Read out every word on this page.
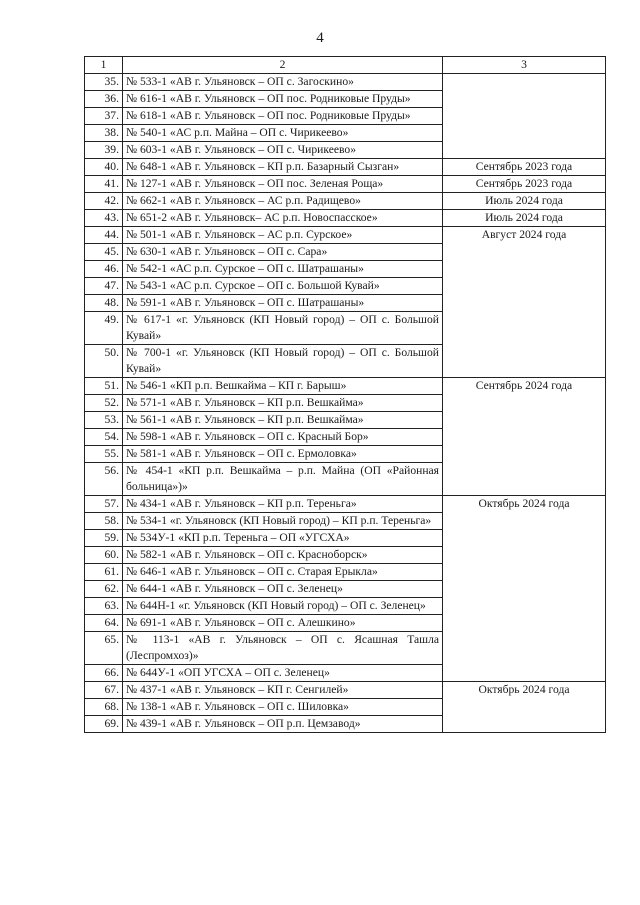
4
1	2	3
35.	№ 533-1 «АВ г. Ульяновск – ОП с. Загоскино»	
36.	№ 616-1 «АВ г. Ульяновск – ОП пос. Родниковые Пруды»	
37.	№ 618-1 «АВ г. Ульяновск – ОП пос. Родниковые Пруды»	
38.	№ 540-1 «АС р.п. Майна – ОП с. Чирикеево»	
39.	№ 603-1 «АВ г. Ульяновск – ОП с. Чирикеево»	
40.	№ 648-1 «АВ г. Ульяновск – КП р.п. Базарный Сызган»	Сентябрь 2023 года
41.	№ 127-1 «АВ г. Ульяновск – ОП пос. Зеленая Роща»	Сентябрь 2023 года
42.	№ 662-1 «АВ г. Ульяновск – АС р.п. Радищево»	Июль 2024 года
43.	№ 651-2 «АВ г. Ульяновск– АС р.п. Новоспасское»	Июль 2024 года
44.	№ 501-1 «АВ г. Ульяновск – АС р.п. Сурское»	Август 2024 года
45.	№ 630-1 «АВ г. Ульяновск – ОП с. Сара»	
46.	№ 542-1 «АС р.п. Сурское – ОП с. Шатрашаны»	
47.	№ 543-1 «АС р.п. Сурское – ОП с. Большой Кувай»	
48.	№ 591-1 «АВ г. Ульяновск – ОП с. Шатрашаны»	
49.	№ 617-1 «г. Ульяновск (КП Новый город) – ОП с. Большой Кувай»	
50.	№ 700-1 «г. Ульяновск (КП Новый город) – ОП с. Большой Кувай»	
51.	№ 546-1 «КП р.п. Вешкайма – КП г. Барыш»	Сентябрь 2024 года
52.	№ 571-1 «АВ г. Ульяновск – КП р.п. Вешкайма»	
53.	№ 561-1 «АВ г. Ульяновск – КП р.п. Вешкайма»	
54.	№ 598-1 «АВ г. Ульяновск – ОП с. Красный Бор»	
55.	№ 581-1 «АВ г. Ульяновск – ОП с. Ермоловка»	
56.	№ 454-1 «КП р.п. Вешкайма – р.п. Майна (ОП «Районная больница»)»	
57.	№ 434-1 «АВ г. Ульяновск – КП р.п. Тереньга»	Октябрь 2024 года
58.	№ 534-1 «г. Ульяновск (КП Новый город) – КП р.п. Тереньга»	
59.	№ 534У-1 «КП р.п. Тереньга – ОП «УГСХА»	
60.	№ 582-1 «АВ г. Ульяновск – ОП с. Красноборск»	
61.	№ 646-1 «АВ г. Ульяновск – ОП с. Старая Ерыкла»	
62.	№ 644-1 «АВ г. Ульяновск – ОП с. Зеленец»	
63.	№ 644Н-1 «г. Ульяновск (КП Новый город) – ОП с. Зеленец»	
64.	№ 691-1 «АВ г. Ульяновск – ОП с. Алешкино»	
65.	№ 113-1 «АВ г. Ульяновск – ОП с. Ясашная Ташла (Леспромхоз)»	
66.	№ 644У-1 «ОП УГСХА – ОП с. Зеленец»	
67.	№ 437-1 «АВ г. Ульяновск – КП г. Сенгилей»	Октябрь 2024 года
68.	№ 138-1 «АВ г. Ульяновск – ОП с. Шиловка»	
69.	№ 439-1 «АВ г. Ульяновск – ОП р.п. Цемзавод»	
